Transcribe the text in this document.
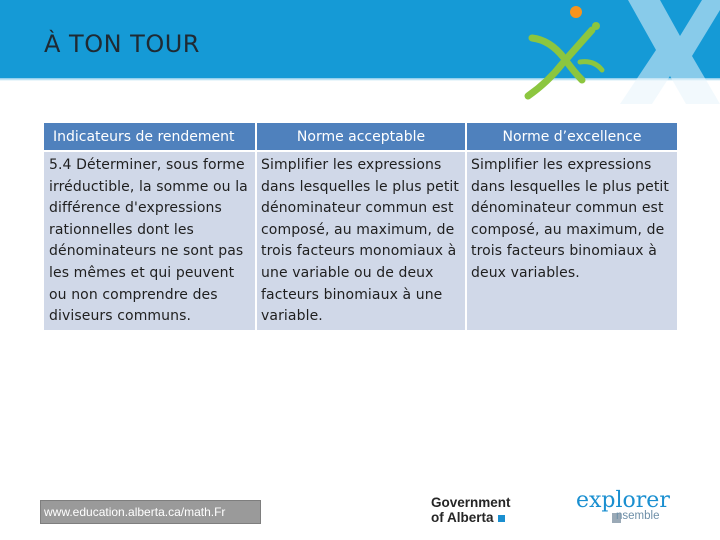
À TON TOUR
Indicateurs de rendement	Norme acceptable	Norme d’excellence

5.4 Déterminer, sous forme irréductible, la somme ou la différence d'expressions rationnelles dont les dénominateurs ne sont pas les mêmes et qui peuvent ou non comprendre des diviseurs communs.	Simplifier les expressions dans lesquelles le plus petit dénominateur commun est composé, au maximum, de trois facteurs monomiaux à une variable ou de deux facteurs binomiaux à une variable.	Simplifier les expressions dans lesquelles le plus petit dénominateur commun est composé, au maximum, de trois facteurs binomiaux à deux variables.
www.education.alberta.ca/math.Fr
Government
of Alberta
explorer
nsemble
